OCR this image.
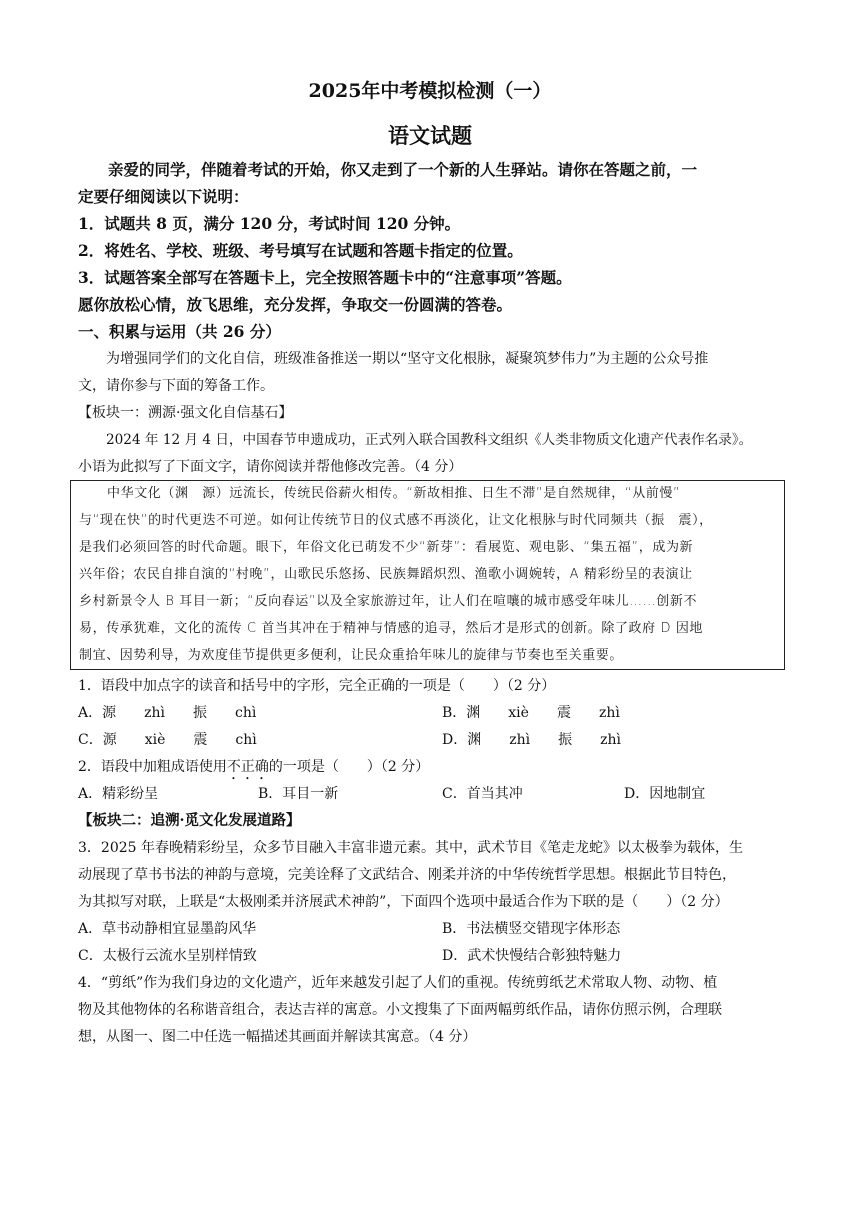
2025年中考模拟检测（一）
语文试题
亲爱的同学，伴随着考试的开始，你又走到了一个新的人生驿站。请你在答题之前，一
定要仔细阅读以下说明：
1．试题共 8 页，满分 120 分，考试时间 120 分钟。
2．将姓名、学校、班级、考号填写在试题和答题卡指定的位置。
3．试题答案全部写在答题卡上，完全按照答题卡中的“注意事项”答题。
愿你放松心情，放飞思维，充分发挥，争取交一份圆满的答卷。
一、积累与运用（共 26 分）
为增强同学们的文化自信，班级准备推送一期以“坚守文化根脉，凝聚筑梦伟力”为主题的公众号推
文，请你参与下面的筹备工作。
【板块一：溯源·强文化自信基石】
2024 年 12 月 4 日，中国春节申遗成功，正式列入联合国教科文组织《人类非物质文化遗产代表作名录》。
小语为此拟写了下面文字，请你阅读并帮他修改完善。（4 分）
中华文化（渊　源）远流长，传统民俗薪火相传。“新故相推、日生不滞”是自然规律，“从前慢”
与“现在快”的时代更迭不可逆。如何让传统节日的仪式感不再淡化，让文化根脉与时代同频共（振　震），
是我们必须回答的时代命题。眼下，年俗文化已萌发不少“新芽”：看展览、观电影、“集五福”，成为新
兴年俗；农民自排自演的“村晚”，山歌民乐悠扬、民族舞蹈炽烈、渔歌小调婉转，A 精彩纷呈的表演让
乡村新景令人 B 耳目一新；“反向春运”以及全家旅游过年，让人们在喧嚷的城市感受年味儿……创新不
易，传承犹难，文化的流传 C 首当其冲在于精神与情感的追寻，然后才是形式的创新。除了政府 D 因地
制宜、因势利导，为欢度佳节提供更多便利，让民众重拾年味儿的旋律与节奏也至关重要。
1．语段中加点字的读音和括号中的字形，完全正确的一项是（　　）（2 分）
A．源　　zhì　　振　　chì	B．渊　　xiè　　震　　zhì
C．源　　xiè　　震　　chì	D．渊　　zhì　　振　　zhì
2．语段中加粗成语使用不正确的一项是（　　）（2 分）
A．精彩纷呈	B．耳目一新	C．首当其冲	D．因地制宜
【板块二：追溯·觅文化发展道路】
3．2025 年春晚精彩纷呈，众多节目融入丰富非遗元素。其中，武术节目《笔走龙蛇》以太极拳为载体，生
动展现了草书书法的神韵与意境，完美诠释了文武结合、刚柔并济的中华传统哲学思想。根据此节目特色，
为其拟写对联，上联是“太极刚柔并济展武术神韵”，下面四个选项中最适合作为下联的是（　　）（2 分）
A．草书动静相宜显墨韵风华	B．书法横竖交错现字体形态
C．太极行云流水呈别样情致	D．武术快慢结合彰独特魅力
4．“剪纸”作为我们身边的文化遗产，近年来越发引起了人们的重视。传统剪纸艺术常取人物、动物、植
物及其他物体的名称谐音组合，表达吉祥的寓意。小文搜集了下面两幅剪纸作品，请你仿照示例，合理联
想，从图一、图二中任选一幅描述其画面并解读其寓意。（4 分）
